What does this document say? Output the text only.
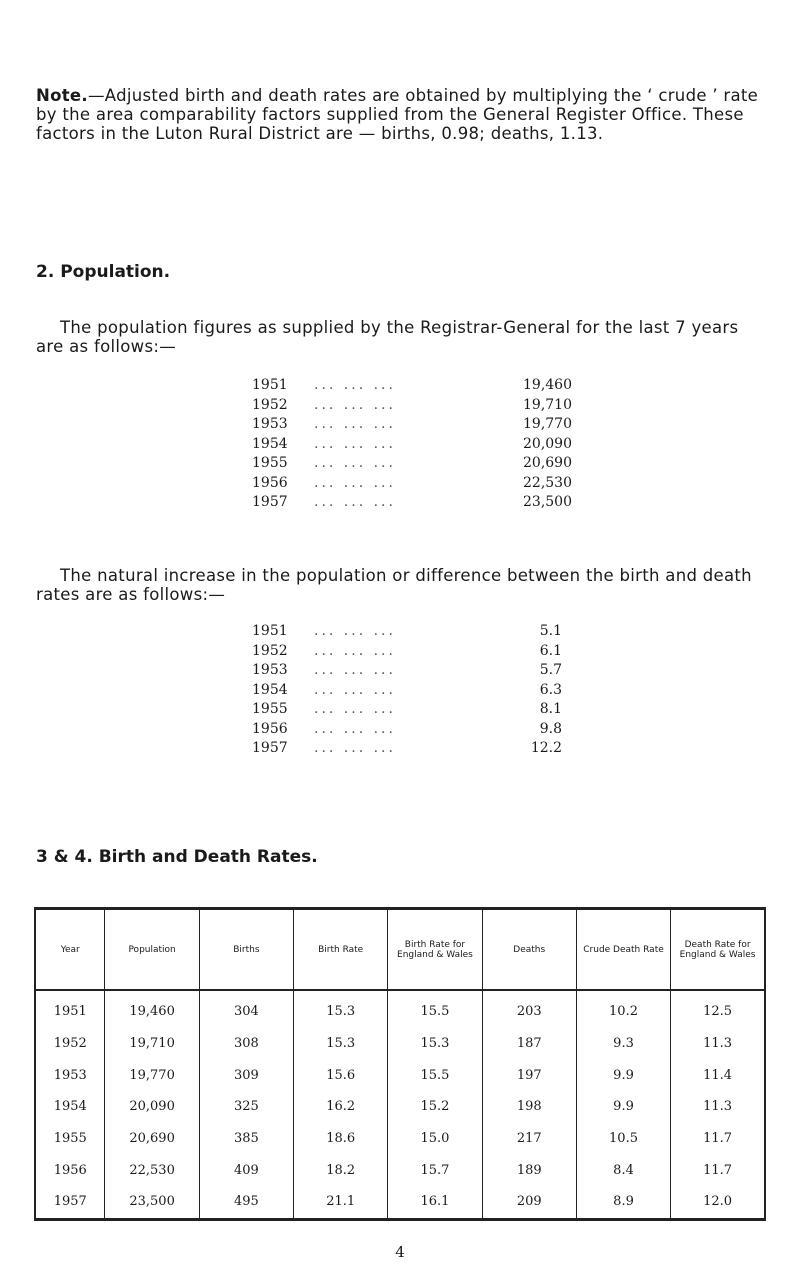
Note.—Adjusted birth and death rates are obtained by multiplying the ‘ crude ’ rate by the area comparability factors supplied from the General Register Office. These factors in the Luton Rural District are — births, 0.98; deaths, 1.13.

2. Population.
The population figures as supplied by the Registrar-General for the last 7 years are as follows:—
1951 ... ... ...	19,460
1952 ... ... ...	19,710
1953 ... ... ...	19,770
1954 ... ... ...	20,090
1955 ... ... ...	20,690
1956 ... ... ...	22,530
1957 ... ... ...	23,500
The natural increase in the population or difference between the birth and death rates are as follows:—
1951 ... ... ...	5.1
1952 ... ... ...	6.1
1953 ... ... ...	5.7
1954 ... ... ...	6.3
1955 ... ... ...	8.1
1956 ... ... ...	9.8
1957 ... ... ...	12.2
3 & 4. Birth and Death Rates.
Year	Population	Births	Birth Rate	Birth Rate for England & Wales	Deaths	Crude Death Rate	Death Rate for England & Wales
1951	19,460	304	15.3	15.5	203	10.2	12.5
1952	19,710	308	15.3	15.3	187	9.3	11.3
1953	19,770	309	15.6	15.5	197	9.9	11.4
1954	20,090	325	16.2	15.2	198	9.9	11.3
1955	20,690	385	18.6	15.0	217	10.5	11.7
1956	22,530	409	18.2	15.7	189	8.4	11.7
1957	23,500	495	21.1	16.1	209	8.9	12.0
4
